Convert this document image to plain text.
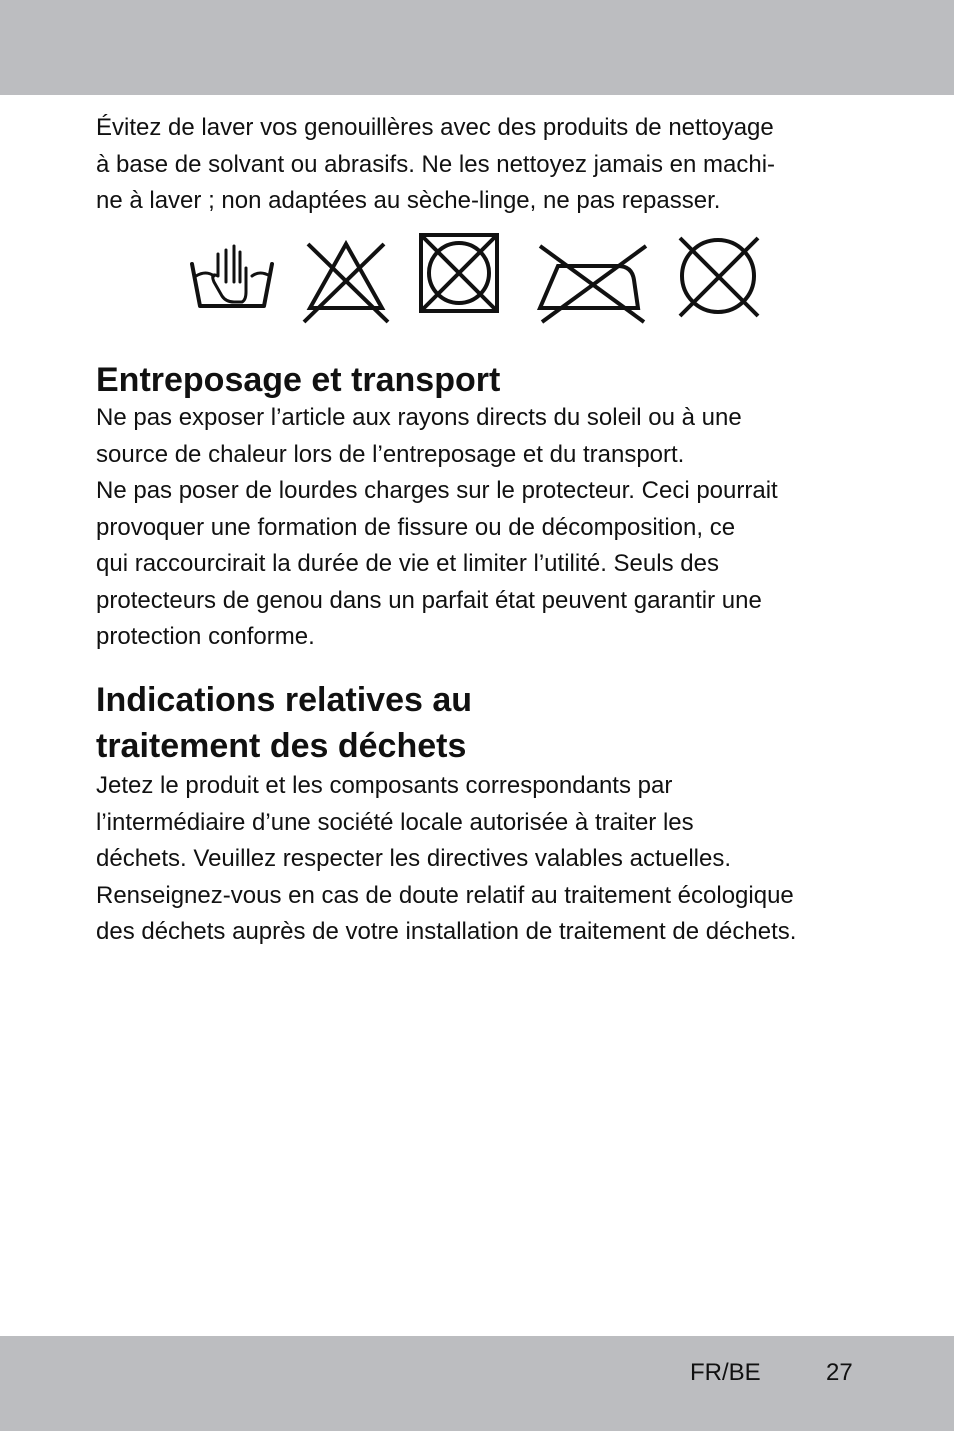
Évitez de laver vos genouillères avec des produits de nettoyage

à base de solvant ou abrasifs. Ne les nettoyez jamais en machi-

ne à laver ; non adaptées au sèche-linge, ne pas repasser.

Entreposage et transport

Ne pas exposer l’article aux rayons directs du soleil ou à une

source de chaleur lors de l’entreposage et du transport.

Ne pas poser de lourdes charges sur le protecteur. Ceci pourrait

provoquer une formation de fissure ou de décomposition, ce

qui raccourcirait la durée de vie et limiter l’utilité. Seuls des

protecteurs de genou dans un parfait état peuvent garantir une

protection conforme.

Indications relatives au
traitement des déchets

Jetez le produit et les composants correspondants par

l’intermédiaire d’une société locale autorisée à traiter les

déchets. Veuillez respecter les directives valables actuelles.

Renseignez-vous en cas de doute relatif au traitement écologique

des déchets auprès de votre installation de traitement de déchets.

FR/BE	27
